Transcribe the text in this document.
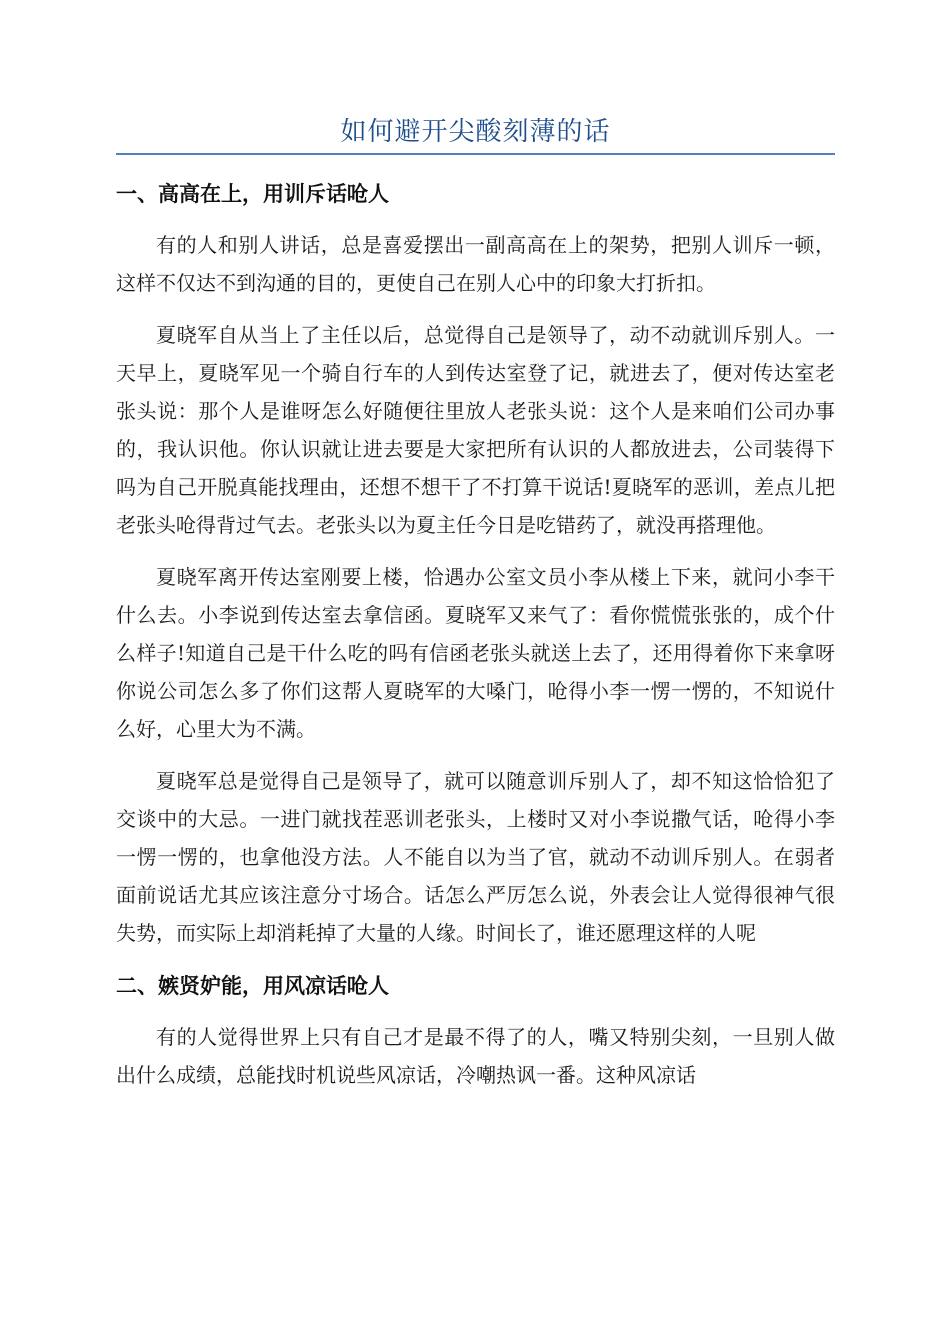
如何避开尖酸刻薄的话
一、高高在上，用训斥话呛人

有的人和别人讲话，总是喜爱摆出一副高高在上的架势，把别人训斥一顿，这样不仅达不到沟通的目的，更使自己在别人心中的印象大打折扣。

夏晓军自从当上了主任以后，总觉得自己是领导了，动不动就训斥别人。一天早上，夏晓军见一个骑自行车的人到传达室登了记，就进去了，便对传达室老张头说：那个人是谁呀怎么好随便往里放人老张头说：这个人是来咱们公司办事的，我认识他。你认识就让进去要是大家把所有认识的人都放进去，公司装得下吗为自己开脱真能找理由，还想不想干了不打算干说话!夏晓军的恶训，差点儿把老张头呛得背过气去。老张头以为夏主任今日是吃错药了，就没再搭理他。

夏晓军离开传达室刚要上楼，恰遇办公室文员小李从楼上下来，就问小李干什么去。小李说到传达室去拿信函。夏晓军又来气了：看你慌慌张张的，成个什么样子!知道自己是干什么吃的吗有信函老张头就送上去了，还用得着你下来拿呀你说公司怎么多了你们这帮人夏晓军的大嗓门，呛得小李一愣一愣的，不知说什么好，心里大为不满。

夏晓军总是觉得自己是领导了，就可以随意训斥别人了，却不知这恰恰犯了交谈中的大忌。一进门就找茬恶训老张头，上楼时又对小李说撒气话，呛得小李一愣一愣的，也拿他没方法。人不能自以为当了官，就动不动训斥别人。在弱者面前说话尤其应该注意分寸场合。话怎么严厉怎么说，外表会让人觉得很神气很失势，而实际上却消耗掉了大量的人缘。时间长了，谁还愿理这样的人呢

二、嫉贤妒能，用风凉话呛人

有的人觉得世界上只有自己才是最不得了的人，嘴又特别尖刻，一旦别人做出什么成绩，总能找时机说些风凉话，冷嘲热讽一番。这种风凉话
